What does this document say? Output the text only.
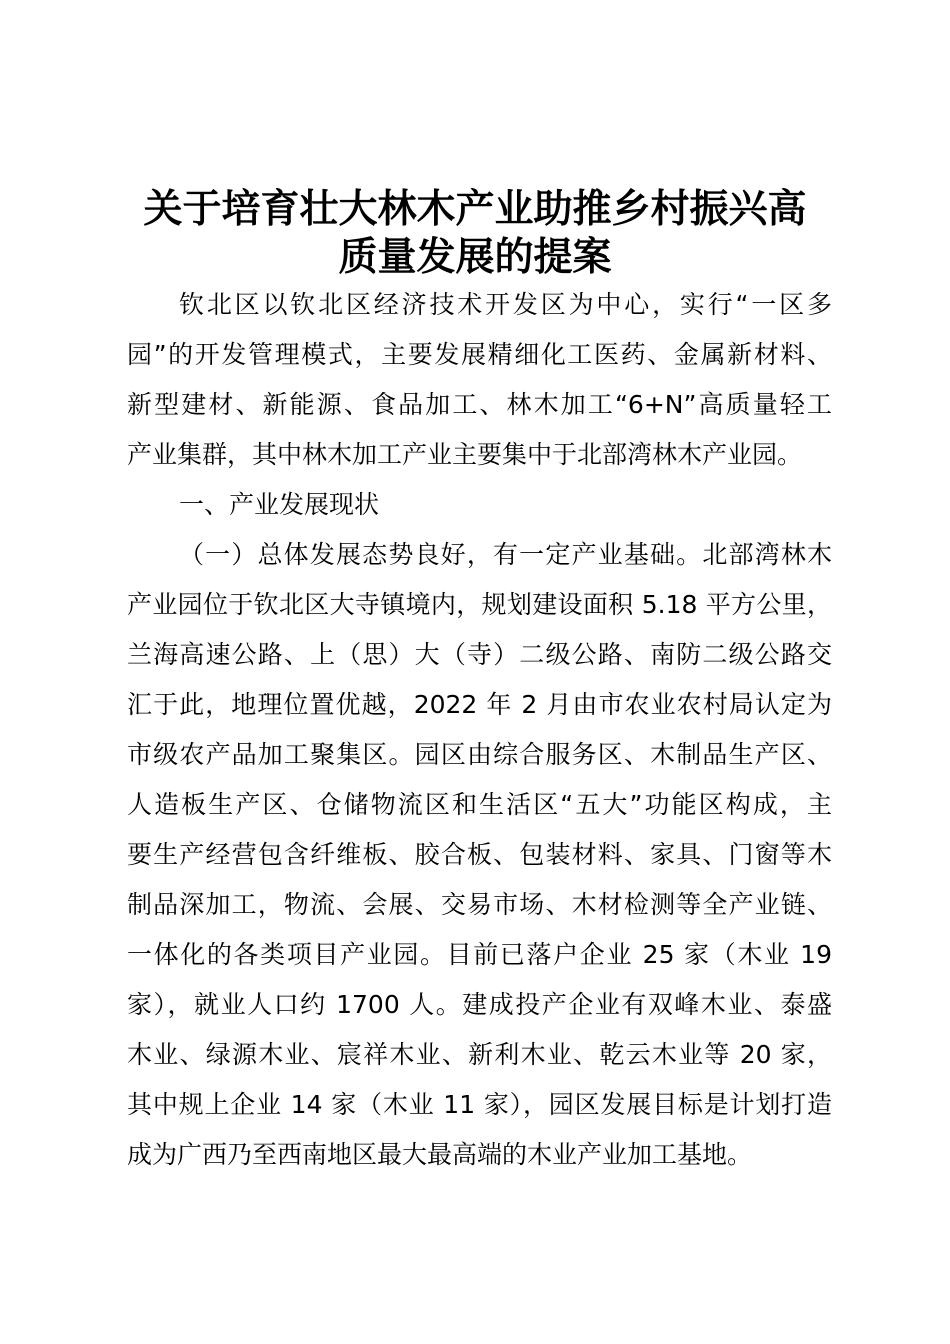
关于培育壮大林木产业助推乡村振兴高
质量发展的提案
钦北区以钦北区经济技术开发区为中心，实行“一区多
园”的开发管理模式，主要发展精细化工医药、金属新材料、
新型建材、新能源、食品加工、林木加工“6+N”高质量轻工
产业集群，其中林木加工产业主要集中于北部湾林木产业园。
一、产业发展现状
（一）总体发展态势良好，有一定产业基础。北部湾林木
产业园位于钦北区大寺镇境内，规划建设面积 5.18 平方公里，
兰海高速公路、上（思）大（寺）二级公路、南防二级公路交
汇于此，地理位置优越，2022 年 2 月由市农业农村局认定为
市级农产品加工聚集区。园区由综合服务区、木制品生产区、
人造板生产区、仓储物流区和生活区“五大”功能区构成，主
要生产经营包含纤维板、胶合板、包装材料、家具、门窗等木
制品深加工，物流、会展、交易市场、木材检测等全产业链、
一体化的各类项目产业园。目前已落户企业 25 家（木业 19
家），就业人口约 1700 人。建成投产企业有双峰木业、泰盛
木业、绿源木业、宸祥木业、新利木业、乾云木业等 20 家，
其中规上企业 14 家（木业 11 家），园区发展目标是计划打造
成为广西乃至西南地区最大最高端的木业产业加工基地。
